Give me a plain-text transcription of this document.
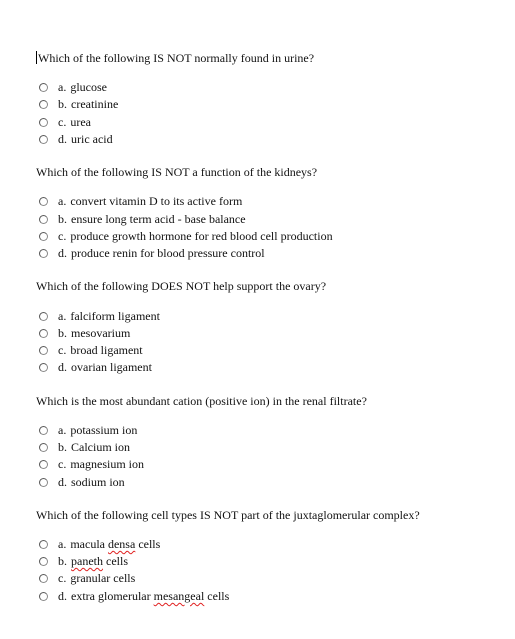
Which of the following IS NOT normally found in urine?
a. glucose
b. creatinine
c. urea
d. uric acid
Which of the following IS NOT a function of the kidneys?
a. convert vitamin D to its active form
b. ensure long term acid - base balance
c. produce growth hormone for red blood cell production
d. produce renin for blood pressure control
Which of the following DOES NOT help support the ovary?
a. falciform ligament
b. mesovarium
c. broad ligament
d. ovarian ligament
Which is the most abundant cation (positive ion) in the renal filtrate?
a. potassium ion
b. Calcium ion
c. magnesium ion
d. sodium ion
Which of the following cell types IS NOT part of the juxtaglomerular complex?
a. macula densa cells
b. paneth cells
c. granular cells
d. extra glomerular mesangeal cells
